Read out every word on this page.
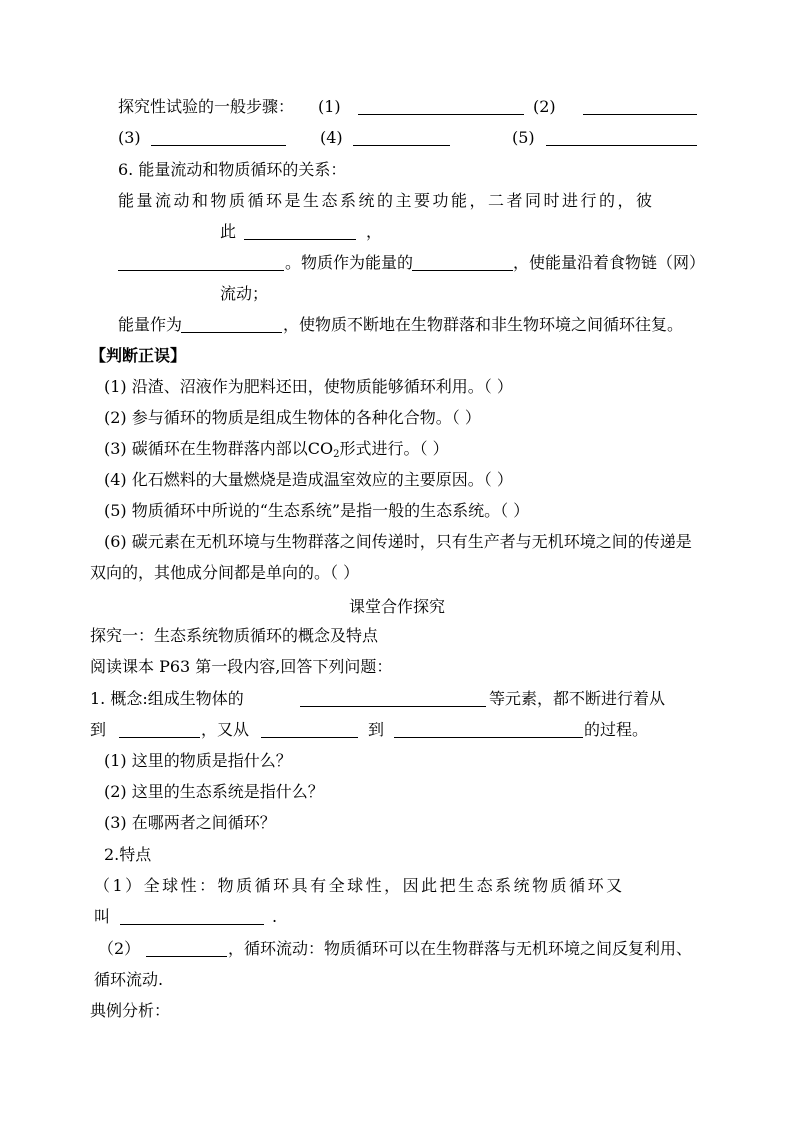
探究性试验的一般步骤： (1)	(2)
(3)	(4)	(5)
6. 能量流动和物质循环的关系：
能量流动和物质循环是生态系统的主要功能，二者同时进行的，彼
此	，
。物质作为能量的	，使能量沿着食物链（网）
流动；
能量作为	，使物质不断地在生物群落和非生物环境之间循环往复。
【判断正误】
(1) 沿渣、沼液作为肥料还田，使物质能够循环利用。（ ）
(2) 参与循环的物质是组成生物体的各种化合物。（ ）
(3) 碳循环在生物群落内部以$CO_2$形式进行。（ ）
(4) 化石燃料的大量燃烧是造成温室效应的主要原因。（ ）
(5) 物质循环中所说的“生态系统”是指一般的生态系统。（ ）
(6) 碳元素在无机环境与生物群落之间传递时，只有生产者与无机环境之间的传递是
双向的，其他成分间都是单向的。（ ）
课堂合作探究
探究一：生态系统物质循环的概念及特点
阅读课本 P63 第一段内容,回答下列问题：
1. 概念:组成生物体的	等元素，都不断进行着从
到	，又从	到	的过程。
(1) 这里的物质是指什么？
(2) 这里的生态系统是指什么？
(3) 在哪两者之间循环？
2.特点
（1）全球性：物质循环具有全球性，因此把生态系统物质循环又
叫	.
（2）	，循环流动：物质循环可以在生物群落与无机环境之间反复利用、
循环流动.
典例分析：
